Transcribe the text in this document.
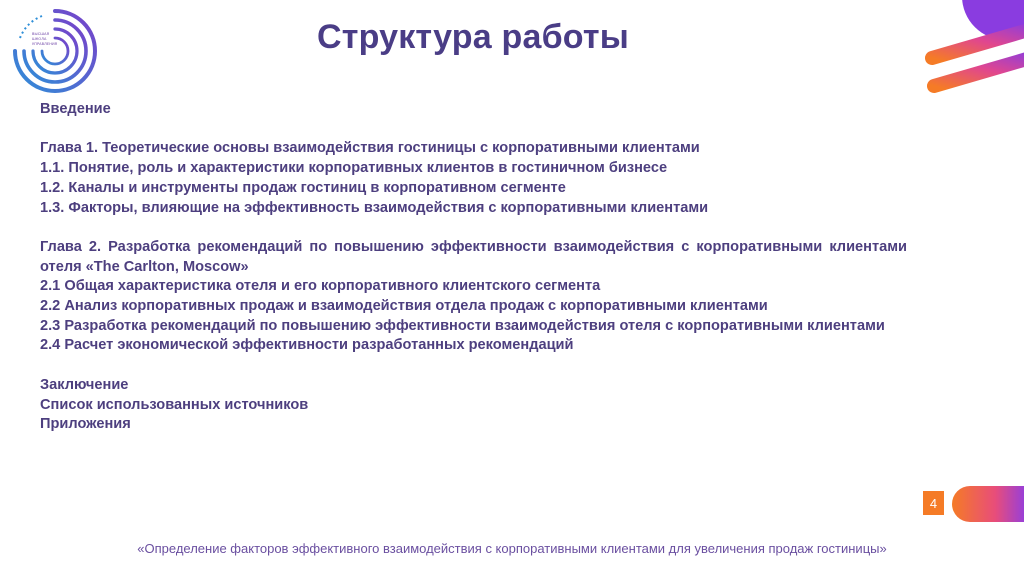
ВЫСШАЯ
ШКОЛА
УПРАВЛЕНИЯ	Структура работы

Введение

Глава 1. Теоретические основы взаимодействия гостиницы с корпоративными клиентами

1.1. Понятие, роль и характеристики корпоративных клиентов в гостиничном бизнесе

1.2. Каналы и инструменты продаж гостиниц в корпоративном сегменте

1.3. Факторы, влияющие на эффективность взаимодействия с корпоративными клиентами

Глава 2. Разработка рекомендаций по повышению эффективности взаимодействия с корпоративными клиентами отеля «The Carlton, Moscow»

2.1 Общая характеристика отеля и его корпоративного клиентского сегмента

2.2 Анализ корпоративных продаж и взаимодействия отдела продаж с корпоративными клиентами

2.3 Разработка рекомендаций по повышению эффективности взаимодействия отеля с корпоративными клиентами

2.4 Расчет экономической эффективности разработанных рекомендаций

Заключение

Список использованных источников

Приложения

4
«Определение факторов эффективного взаимодействия с корпоративными клиентами для увеличения продаж гостиницы»
